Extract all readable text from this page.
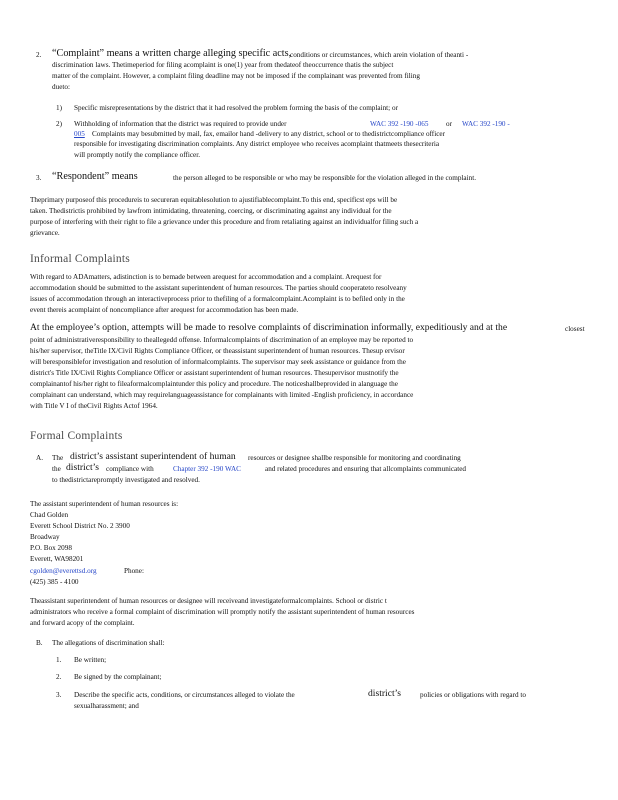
2. “Complaint” means a written charge alleging specific acts,
conditions or circumstances, which arein violation of theanti -
discrimination laws. Thetimeperiod for filing acomplaint is one(1) year from thedateof theoccurrence thatis the subject
matter of the complaint. However, a complaint filing deadline may not be imposed if the complainant was prevented from filing
dueto:
1) Specific misrepresentations by the district that it had resolved the problem forming the basis of the complaint; or
2) Withholding of information that the district was required to provide under	WAC 392 -190 -065 or WAC 392 -190 -
005 Complaints may besubmitted by mail, fax, emailor hand -delivery to any district, school or to thedistrictcompliance officer
responsible for investigating discrimination complaints. Any district employee who receives acomplaint thatmeets thesecriteria
will promptly notify the compliance officer.
3. “Respondent” means	the person alleged to be responsible or who may be responsible for the violation alleged in the complaint.
Theprimary purposeof this procedureis to secureran equitablesolution to ajustifiablecomplaint.To this end, specificst eps will be
taken. Thedistrictis prohibited by lawfrom intimidating, threatening, coercing, or discriminating against any individual for the
purpose of interfering with their right to file a grievance under this procedure and from retaliating against an individualfor filing such a
grievance.
Informal Complaints
With regard to ADAmatters, adistinction is to bemade between arequest for accommodation and a complaint. Arequest for
accommodation should be submitted to the assistant superintendent of human resources. The parties should cooperateto resolveany
issues of accommodation through an interactiveprocess prior to thefiling of a formalcomplaint.Acomplaint is to befiled only in the
event thereis acomplaint of noncompliance after arequest for accommodation has been made.
At the employee’s option, attempts will be made to resolve complaints of discrimination informally, expeditiously and at the	closest
point of administrativeresponsibility to theallegedd offense. Informalcomplaints of discrimination of an employee may be reported to
his/her supervisor, theTitle IX/Civil Rights Compliance Officer, or theassistant superintendent of human resources. Thesup ervisor
will beresponsiblefor investigation and resolution of informalcomplaints. The supervisor may seek assistance or guidance from the
district's Title IX/Civil Rights Compliance Officer or assistant superintendent of human resources. Thesupervisor mustnotify the
complainantof his/her right to fileaformalcomplaintunder this policy and procedure. The noticeshallbeprovided in alanguage the
complainant can understand, which may requirelanguageassistance for complainants with limited -English proficiency, in accordance
with Title V I of theCivil Rights Actof 1964.
Formal Complaints
A. The district’s assistant superintendent of human resources or designee shallbe responsible for monitoring and coordinating
the district’s compliance with	Chapter 392 -190 WAC	and related procedures and ensuring that allcomplaints communicated
to thedistrictarepromptly investigated and resolved.
The assistant superintendent of human resources is:
Chad Golden
Everett School District No. 2 3900
Broadway
P.O. Box 2098
Everett, WA98201
cgolden@everettsd.org	Phone:
(425) 385 - 4100
Theassistant superintendent of human resources or designee will receiveand investigateformalcomplaints. School or distric t
administrators who receive a formal complaint of discrimination will promptly notify the assistant superintendent of human resources
and forward acopy of the complaint.
B. The allegations of discrimination shall:
1. Be written;
2. Be signed by the complainant;
3. Describe the specific acts, conditions, or circumstances alleged to violate the	district’s	policies or obligations with regard to
sexualharassment; and
